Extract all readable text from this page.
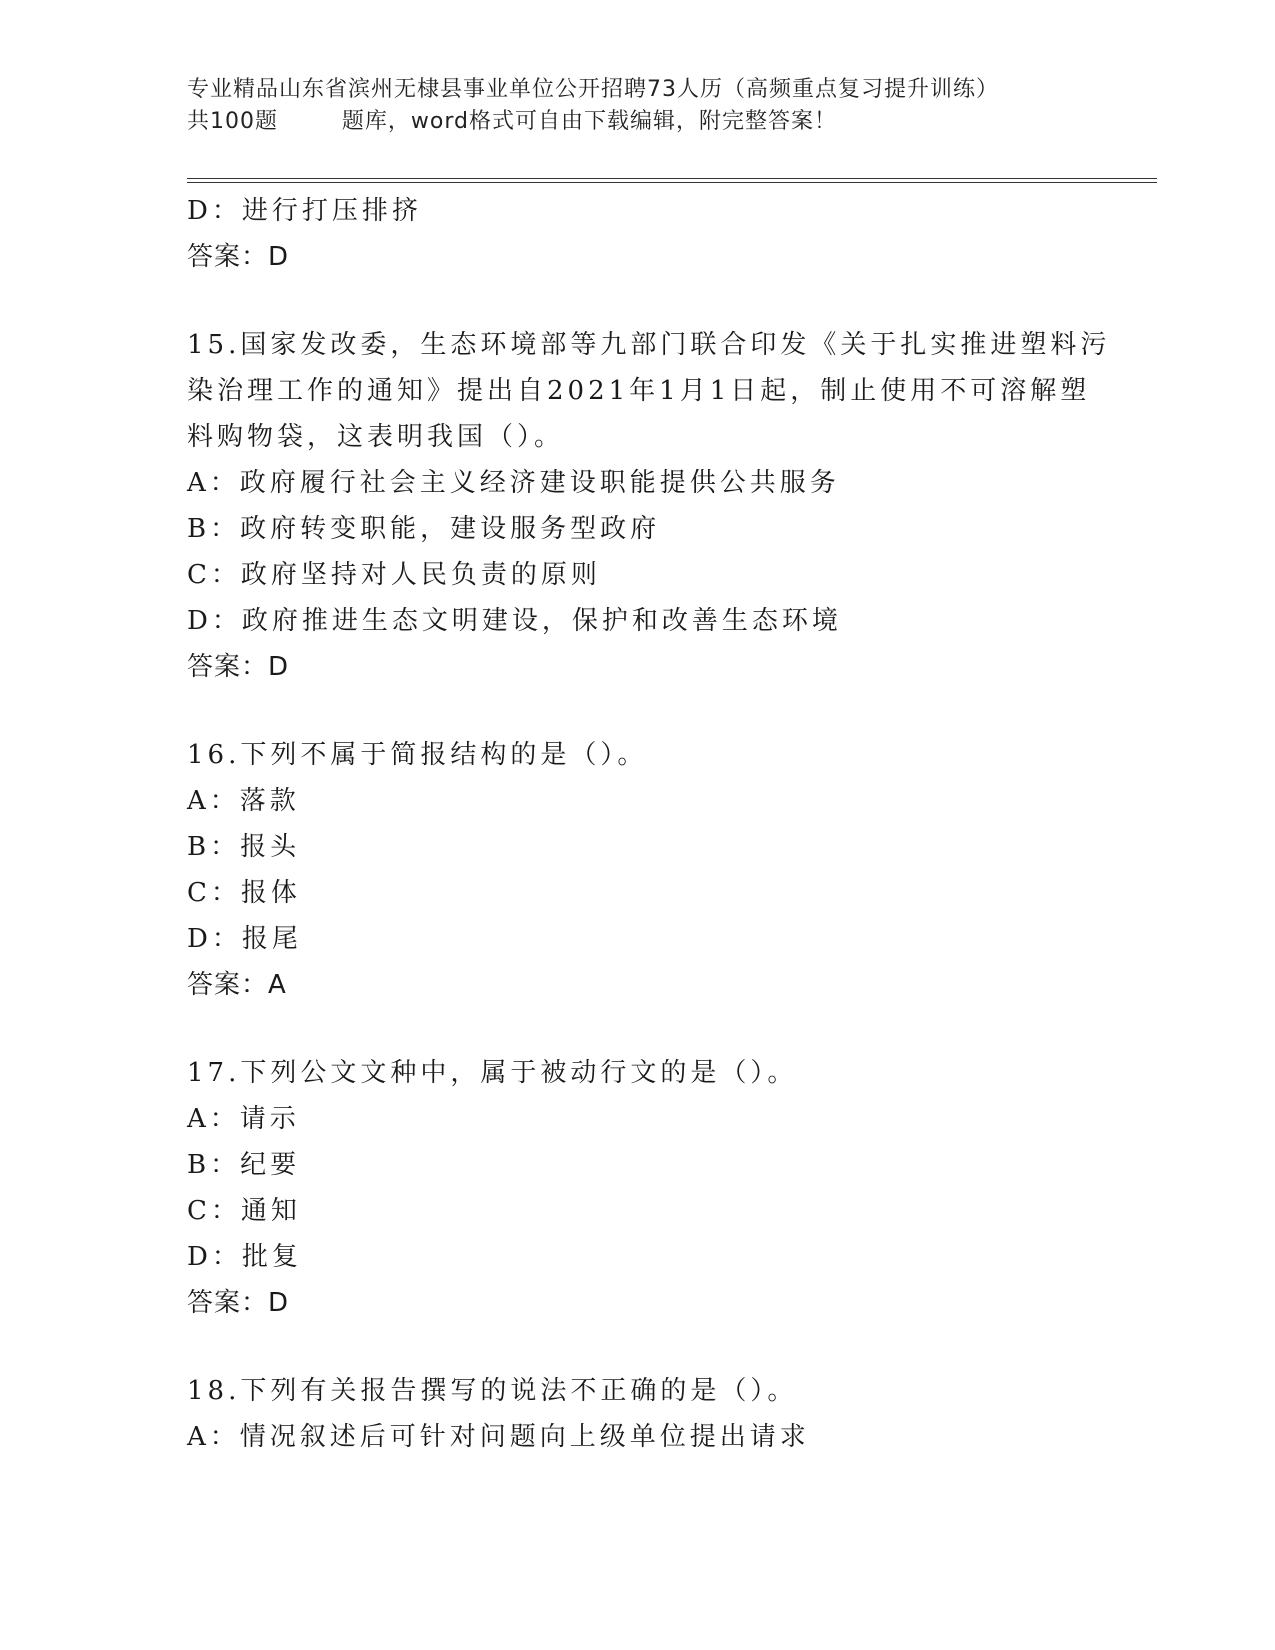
专业精品山东省滨州无棣县事业单位公开招聘73人历（高频重点复习提升训练）
共100题        题库，word格式可自由下载编辑，附完整答案！
D：进行打压排挤
答案：D
15.国家发改委，生态环境部等九部门联合印发《关于扎实推进塑料污
染治理工作的通知》提出自2021年1月1日起，制止使用不可溶解塑
料购物袋，这表明我国（）。
A：政府履行社会主义经济建设职能提供公共服务
B：政府转变职能，建设服务型政府
C：政府坚持对人民负责的原则
D：政府推进生态文明建设，保护和改善生态环境
答案：D
16.下列不属于简报结构的是（）。
A：落款
B：报头
C：报体
D：报尾
答案：A
17.下列公文文种中，属于被动行文的是（）。
A：请示
B：纪要
C：通知
D：批复
答案：D
18.下列有关报告撰写的说法不正确的是（）。
A：情况叙述后可针对问题向上级单位提出请求
